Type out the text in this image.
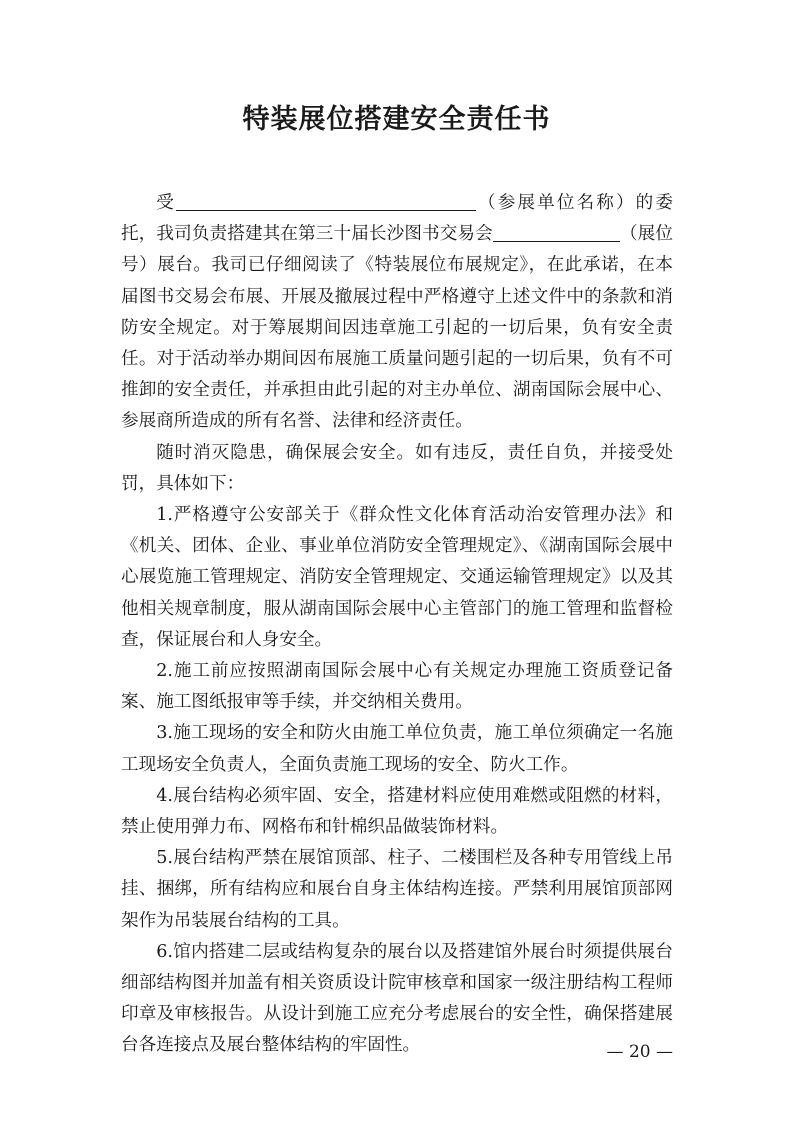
特装展位搭建安全责任书

受	（参展单位名称）的委托，我司负责搭建其在第三十届长沙图书交易会	（展位号）展台。我司已仔细阅读了《特装展位布展规定》，在此承诺，在本届图书交易会布展、开展及撤展过程中严格遵守上述文件中的条款和消防安全规定。对于筹展期间因违章施工引起的一切后果，负有安全责任。对于活动举办期间因布展施工质量问题引起的一切后果，负有不可推卸的安全责任，并承担由此引起的对主办单位、湖南国际会展中心、参展商所造成的所有名誉、法律和经济责任。

随时消灭隐患，确保展会安全。如有违反，责任自负，并接受处罚，具体如下：

1.严格遵守公安部关于《群众性文化体育活动治安管理办法》和《机关、团体、企业、事业单位消防安全管理规定》、《湖南国际会展中心展览施工管理规定、消防安全管理规定、交通运输管理规定》以及其他相关规章制度，服从湖南国际会展中心主管部门的施工管理和监督检查，保证展台和人身安全。

2.施工前应按照湖南国际会展中心有关规定办理施工资质登记备案、施工图纸报审等手续，并交纳相关费用。

3.施工现场的安全和防火由施工单位负责，施工单位须确定一名施工现场安全负责人，全面负责施工现场的安全、防火工作。

4.展台结构必须牢固、安全，搭建材料应使用难燃或阻燃的材料，禁止使用弹力布、网格布和针棉织品做装饰材料。

5.展台结构严禁在展馆顶部、柱子、二楼围栏及各种专用管线上吊挂、捆绑，所有结构应和展台自身主体结构连接。严禁利用展馆顶部网架作为吊装展台结构的工具。

6.馆内搭建二层或结构复杂的展台以及搭建馆外展台时须提供展台细部结构图并加盖有相关资质设计院审核章和国家一级注册结构工程师印章及审核报告。从设计到施工应充分考虑展台的安全性，确保搭建展台各连接点及展台整体结构的牢固性。	— 20 —
